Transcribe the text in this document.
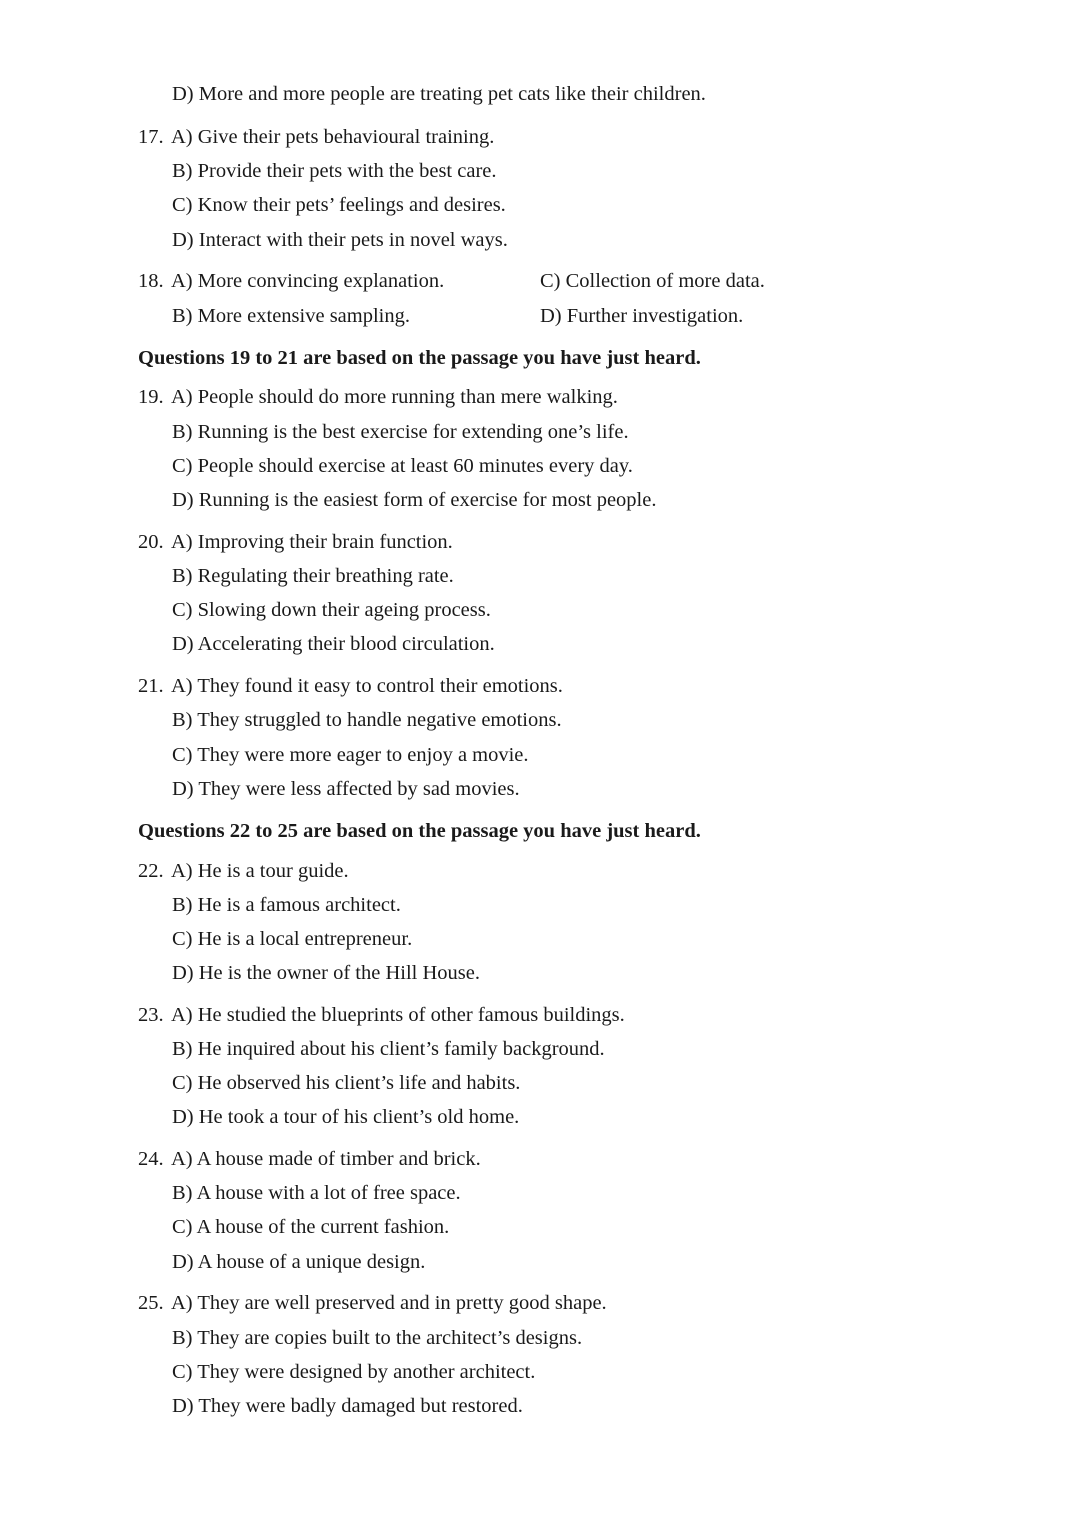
D) More and more people are treating pet cats like their children.
17. A) Give their pets behavioural training.
B) Provide their pets with the best care.
C) Know their pets’ feelings and desires.
D) Interact with their pets in novel ways.
18. A) More convincing explanation.	C) Collection of more data.
B) More extensive sampling.	D) Further investigation.
Questions 19 to 21 are based on the passage you have just heard.
19. A) People should do more running than mere walking.
B) Running is the best exercise for extending one’s life.
C) People should exercise at least 60 minutes every day.
D) Running is the easiest form of exercise for most people.
20. A) Improving their brain function.
B) Regulating their breathing rate.
C) Slowing down their ageing process.
D) Accelerating their blood circulation.
21. A) They found it easy to control their emotions.
B) They struggled to handle negative emotions.
C) They were more eager to enjoy a movie.
D) They were less affected by sad movies.
Questions 22 to 25 are based on the passage you have just heard.
22. A) He is a tour guide.
B) He is a famous architect.
C) He is a local entrepreneur.
D) He is the owner of the Hill House.
23. A) He studied the blueprints of other famous buildings.
B) He inquired about his client’s family background.
C) He observed his client’s life and habits.
D) He took a tour of his client’s old home.
24. A) A house made of timber and brick.
B) A house with a lot of free space.
C) A house of the current fashion.
D) A house of a unique design.
25. A) They are well preserved and in pretty good shape.
B) They are copies built to the architect’s designs.
C) They were designed by another architect.
D) They were badly damaged but restored.
